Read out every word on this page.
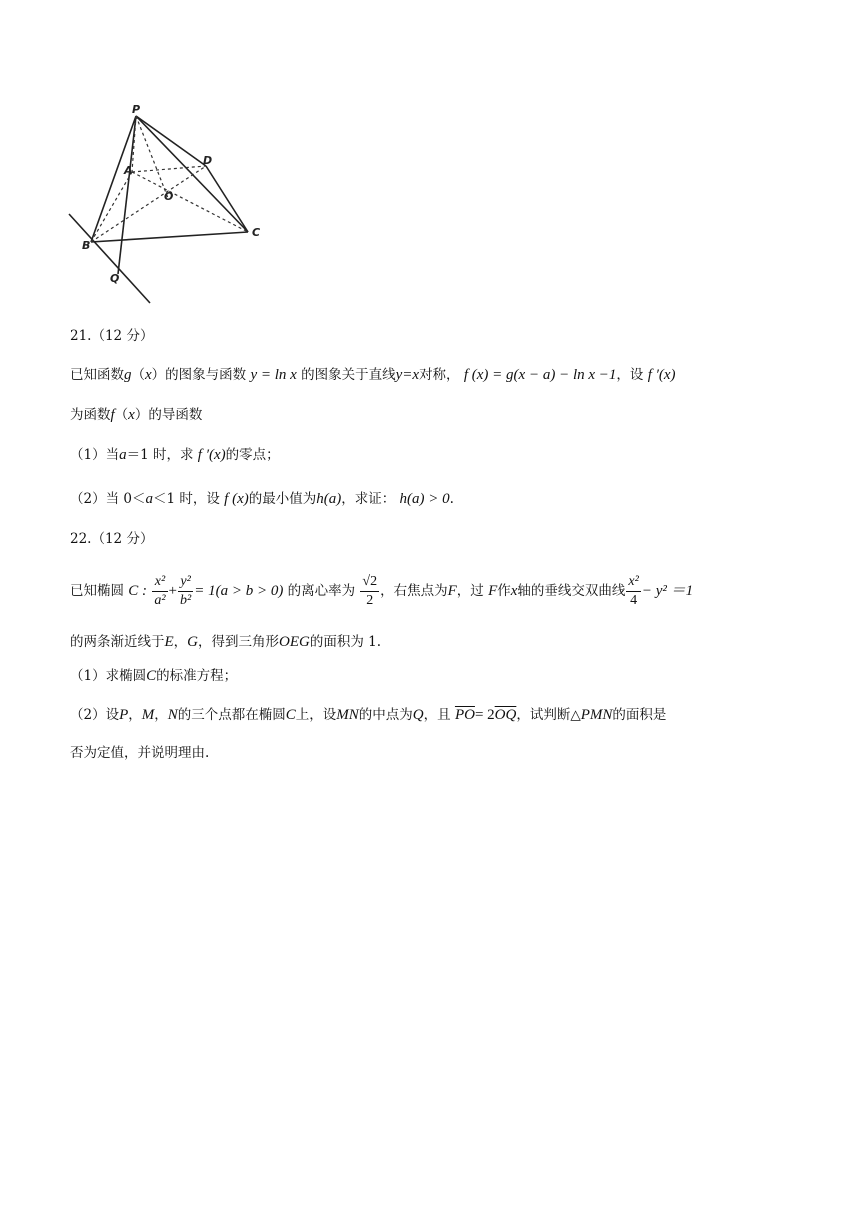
P
A
D
O
B
C
Q
21.（12 分）
已知函数g（x）的图象与函数 y = ln x 的图象关于直线y=x对称， f (x) = g(x − a) − ln x −1，设 f ′(x)
为函数f（x）的导函数
（1）当a＝1 时，求 f ′(x)的零点；
（2）当 0＜a＜1 时，设 f (x)的最小值为h(a)，求证： h(a) > 0.
22.（12 分）
已知椭圆 C : $\frac{\text{x²}}{\text{a²}} + \frac{\text{y²}}{\text{b²}} = 1(a > b > 0)$ 的离心率为 $\frac{√2}{2}$ ，右焦点为F，过 F作x轴的垂线交双曲线 $\frac{\text{x²}}{4} - y^2 =1$
的两条渐近线于E，G，得到三角形OEG的面积为 1.
（1）求椭圆C的标准方程；
（2）设P，M，N的三个点都在椭圆C上，设MN的中点为Q，且 $\overline{PO}= 2\overline{OQ}$，试判断△PMN的面积是
否为定值，并说明理由.
